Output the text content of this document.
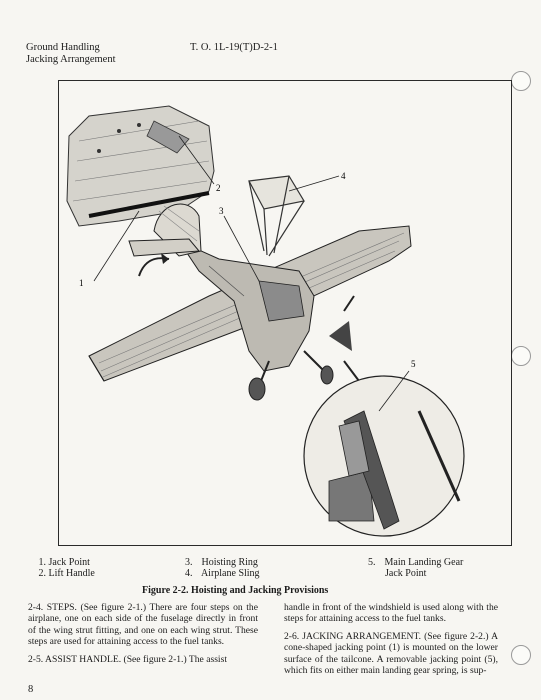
Ground Handling
Jacking Arrangement
T. O. 1L-19(T)D-2-1
1
2
3
4
5
1. Jack Point
2. Lift Handle
3. Hoisting Ring
4. Airplane Sling
5. Main Landing Gear
Jack Point
Figure 2-2. Hoisting and Jacking Provisions

2-4. STEPS. (See figure 2-1.) There are four steps on the airplane, one on each side of the fuselage directly in front of the wing strut fitting, and one on each wing strut. These steps are used for attaining access to the fuel tanks.

2-5. ASSIST HANDLE. (See figure 2-1.) The assist

handle in front of the windshield is used along with the steps for attaining access to the fuel tanks.

2-6. JACKING ARRANGEMENT. (See figure 2-2.) A cone-shaped jacking point (1) is mounted on the lower surface of the tailcone. A removable jacking point (5), which fits on either main landing gear spring, is sup-

8
